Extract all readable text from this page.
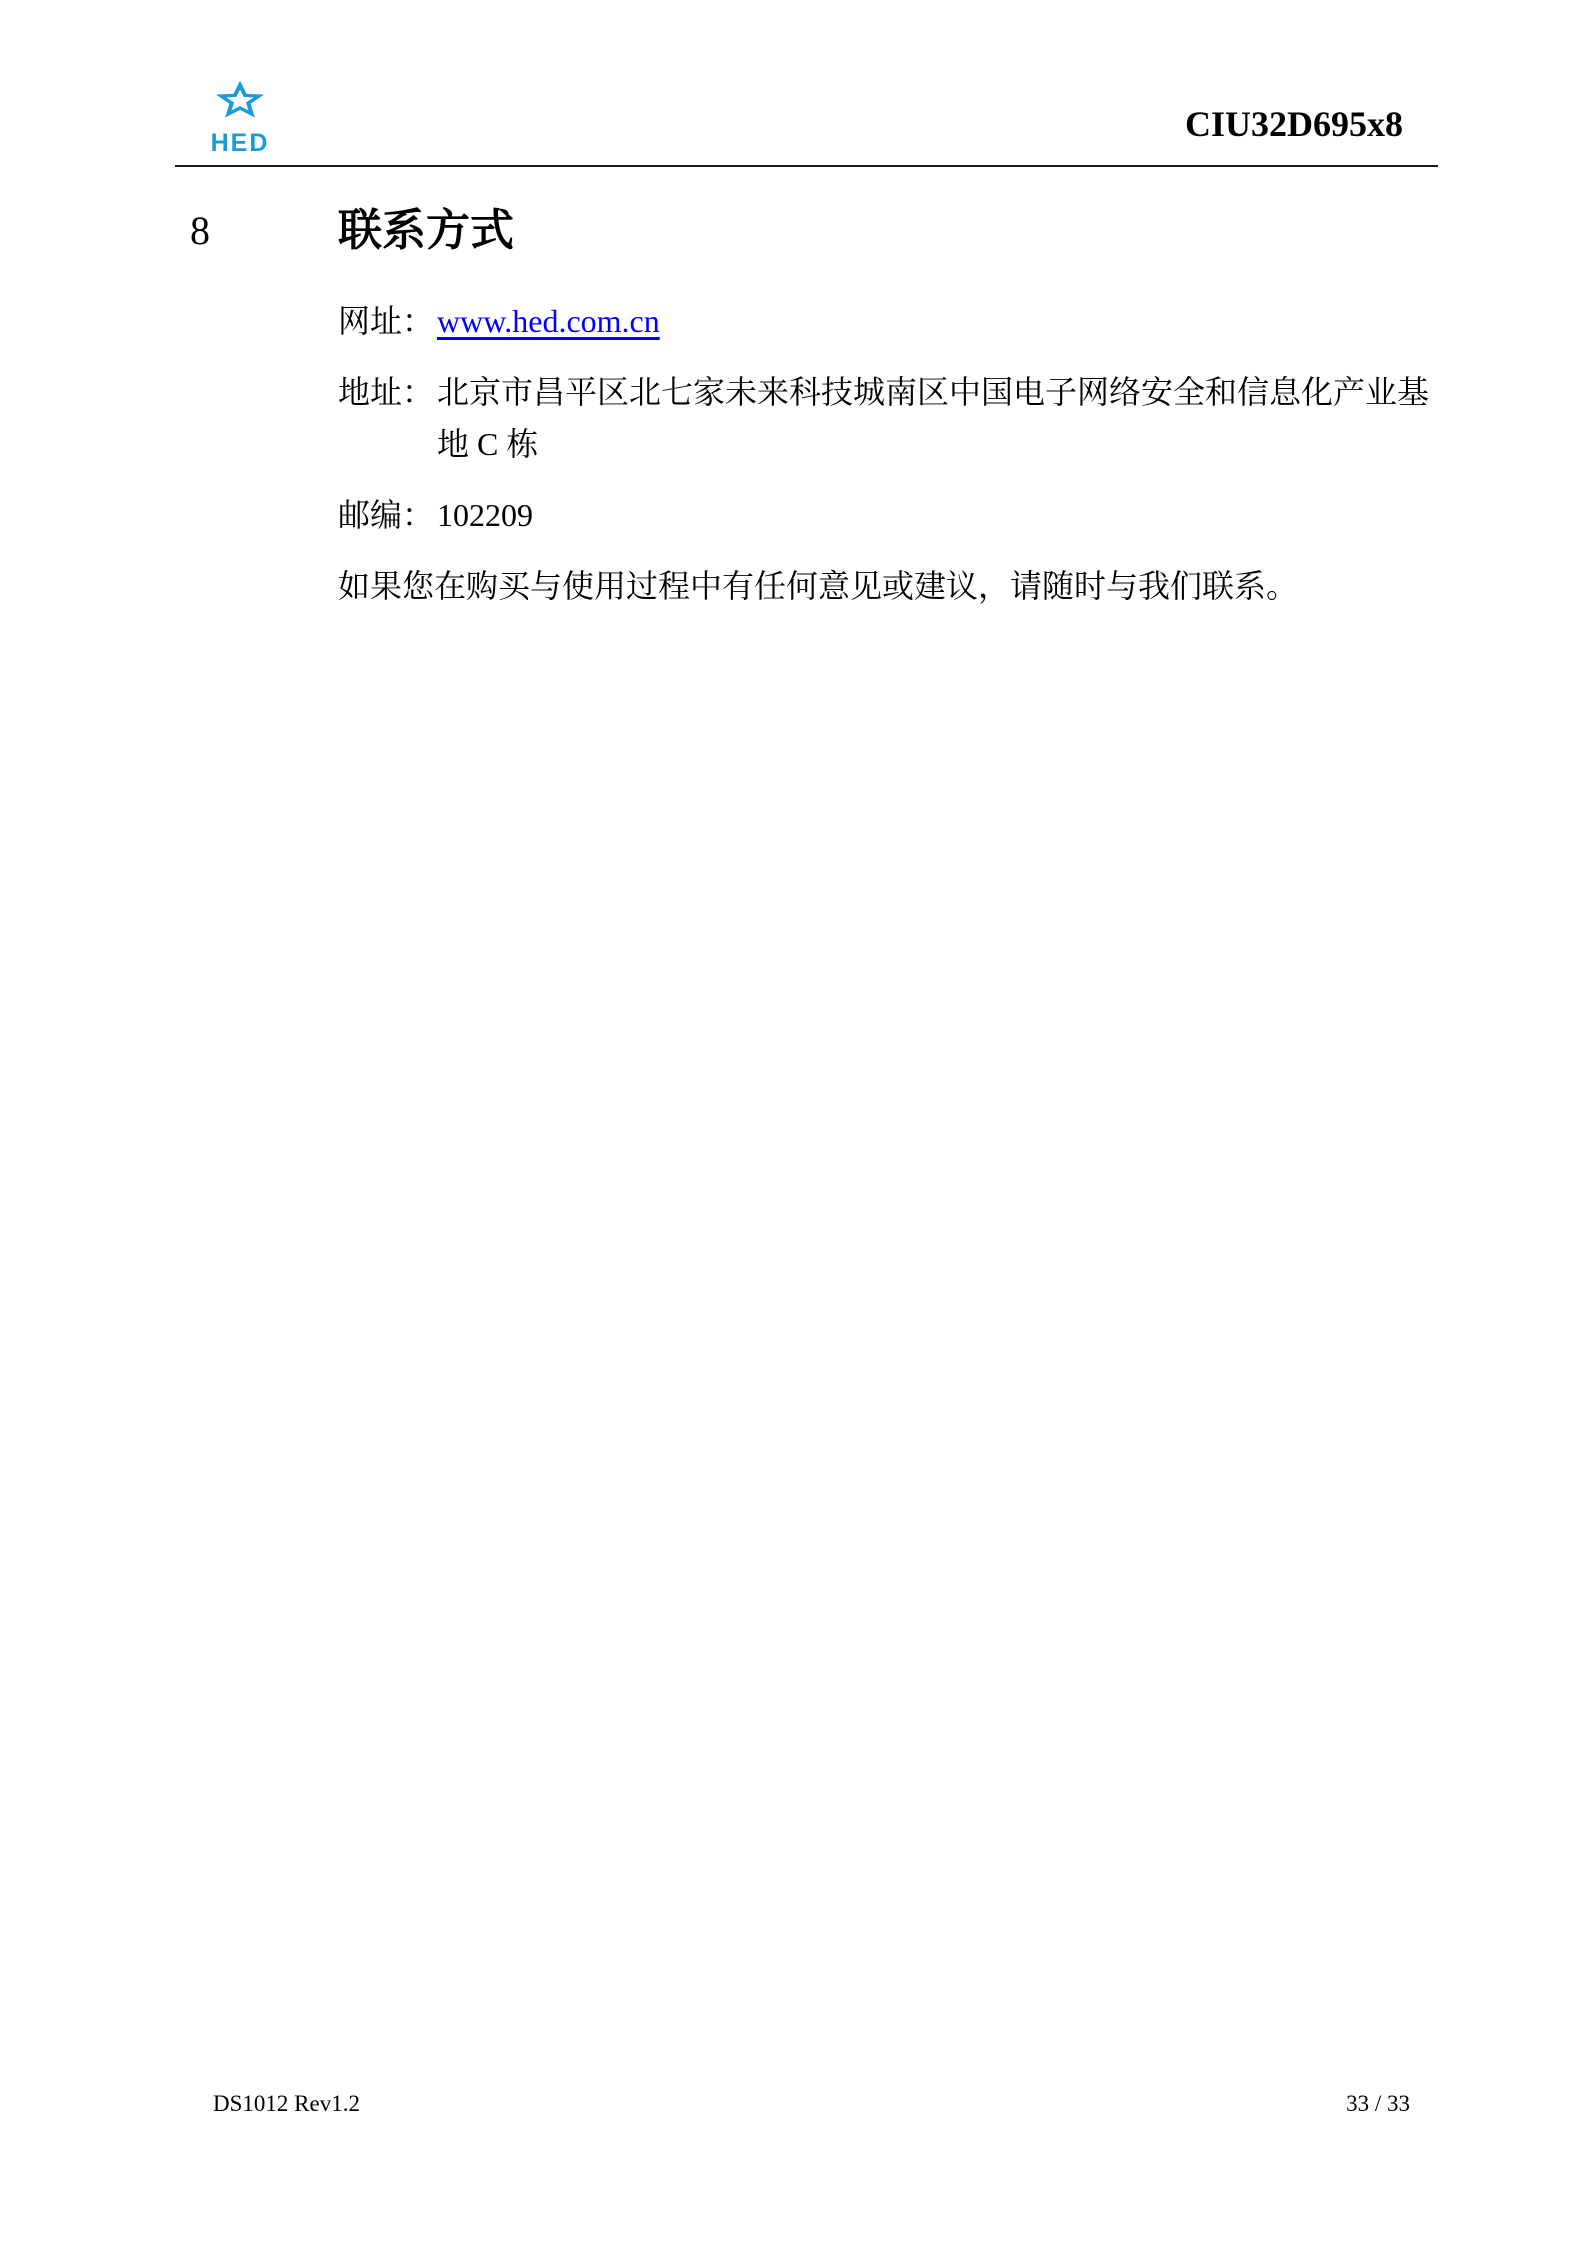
HED	CIU32D695x8
8	联系方式

网址：www.hed.com.cn

地址：北京市昌平区北七家未来科技城南区中国电子网络安全和信息化产业基
地 C 栋

邮编：102209

如果您在购买与使用过程中有任何意见或建议，请随时与我们联系。

DS1012 Rev1.2	33 / 33
